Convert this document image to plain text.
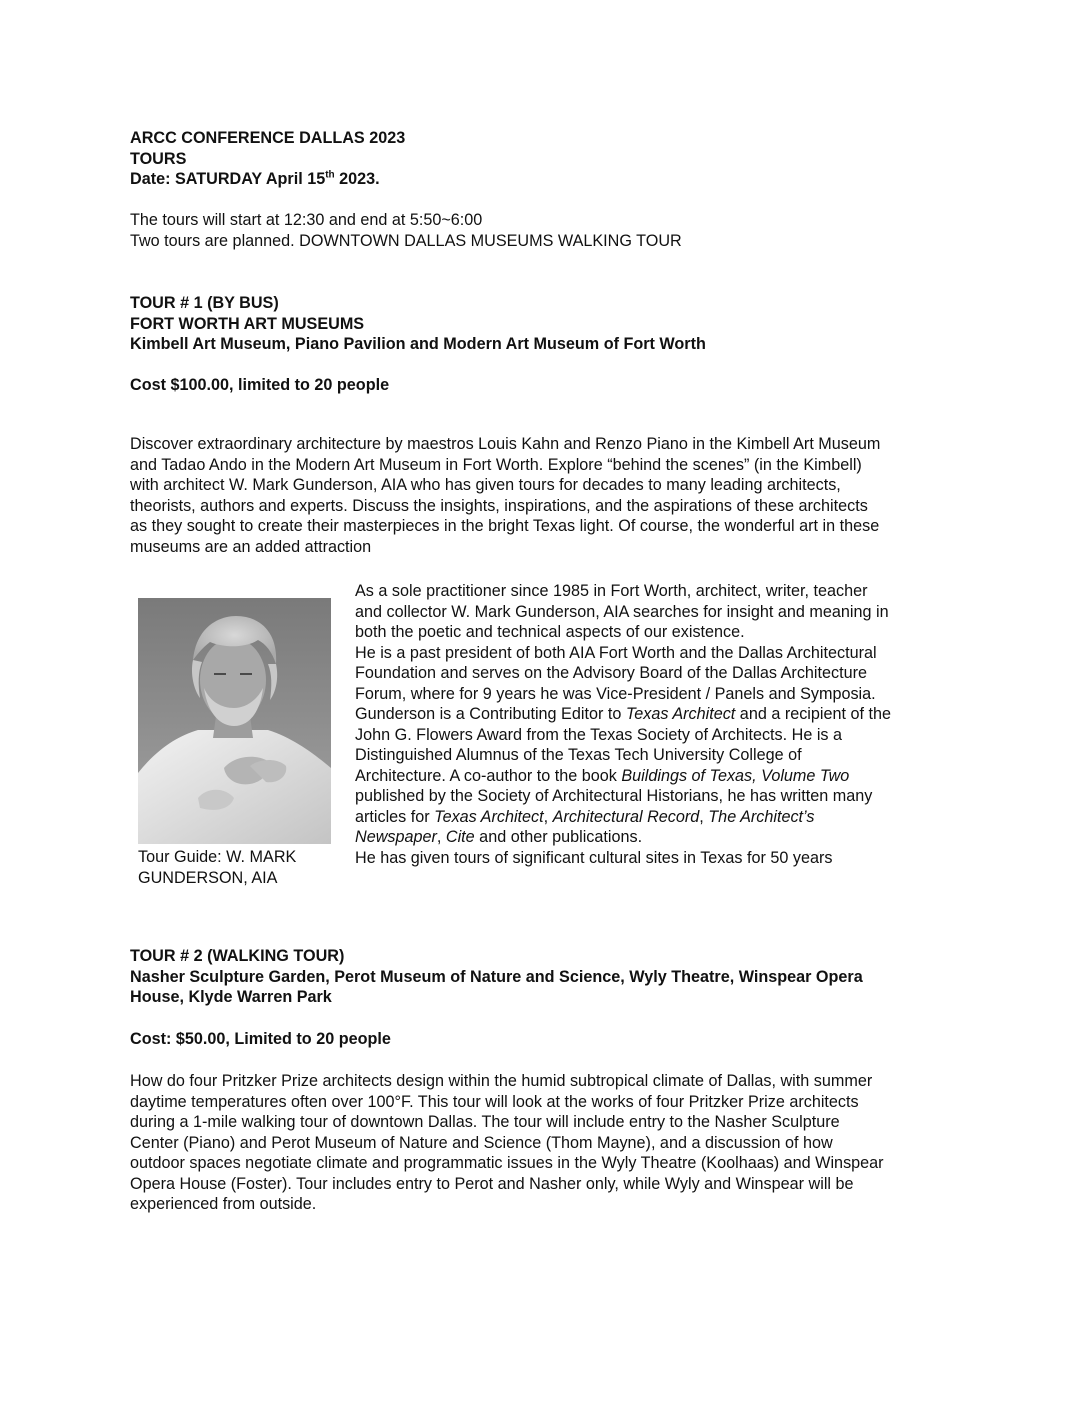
ARCC CONFERENCE DALLAS 2023
TOURS
Date: SATURDAY April 15th 2023.
The tours will start at 12:30 and end at 5:50~6:00
Two tours are planned. DOWNTOWN DALLAS MUSEUMS WALKING TOUR
TOUR # 1 (BY BUS)
FORT WORTH ART MUSEUMS
Kimbell Art Museum, Piano Pavilion and Modern Art Museum of Fort Worth
Cost $100.00, limited to 20 people
Discover extraordinary architecture by maestros Louis Kahn and Renzo Piano in the Kimbell Art Museum
and Tadao Ando in the Modern Art Museum in Fort Worth. Explore “behind the scenes” (in the Kimbell)
with architect W. Mark Gunderson, AIA who has given tours for decades to many leading architects,
theorists, authors and experts. Discuss the insights, inspirations, and the aspirations of these architects
as they sought to create their masterpieces in the bright Texas light. Of course, the wonderful art in these
museums are an added attraction
Tour Guide: W. MARK
GUNDERSON, AIA
As a sole practitioner since 1985 in Fort Worth, architect, writer, teacher
and collector W. Mark Gunderson, AIA searches for insight and meaning in
both the poetic and technical aspects of our existence.
He is a past president of both AIA Fort Worth and the Dallas Architectural
Foundation and serves on the Advisory Board of the Dallas Architecture
Forum, where for 9 years he was Vice-President / Panels and Symposia.
Gunderson is a Contributing Editor to Texas Architect and a recipient of the
John G. Flowers Award from the Texas Society of Architects. He is a
Distinguished Alumnus of the Texas Tech University College of
Architecture. A co-author to the book Buildings of Texas, Volume Two
published by the Society of Architectural Historians, he has written many
articles for Texas Architect, Architectural Record, The Architect’s
Newspaper, Cite and other publications.
He has given tours of significant cultural sites in Texas for 50 years
TOUR # 2 (WALKING TOUR)
Nasher Sculpture Garden, Perot Museum of Nature and Science, Wyly Theatre, Winspear Opera
House, Klyde Warren Park
Cost: $50.00, Limited to 20 people
How do four Pritzker Prize architects design within the humid subtropical climate of Dallas, with summer
daytime temperatures often over 100°F. This tour will look at the works of four Pritzker Prize architects
during a 1-mile walking tour of downtown Dallas. The tour will include entry to the Nasher Sculpture
Center (Piano) and Perot Museum of Nature and Science (Thom Mayne), and a discussion of how
outdoor spaces negotiate climate and programmatic issues in the Wyly Theatre (Koolhaas) and Winspear
Opera House (Foster). Tour includes entry to Perot and Nasher only, while Wyly and Winspear will be
experienced from outside.
